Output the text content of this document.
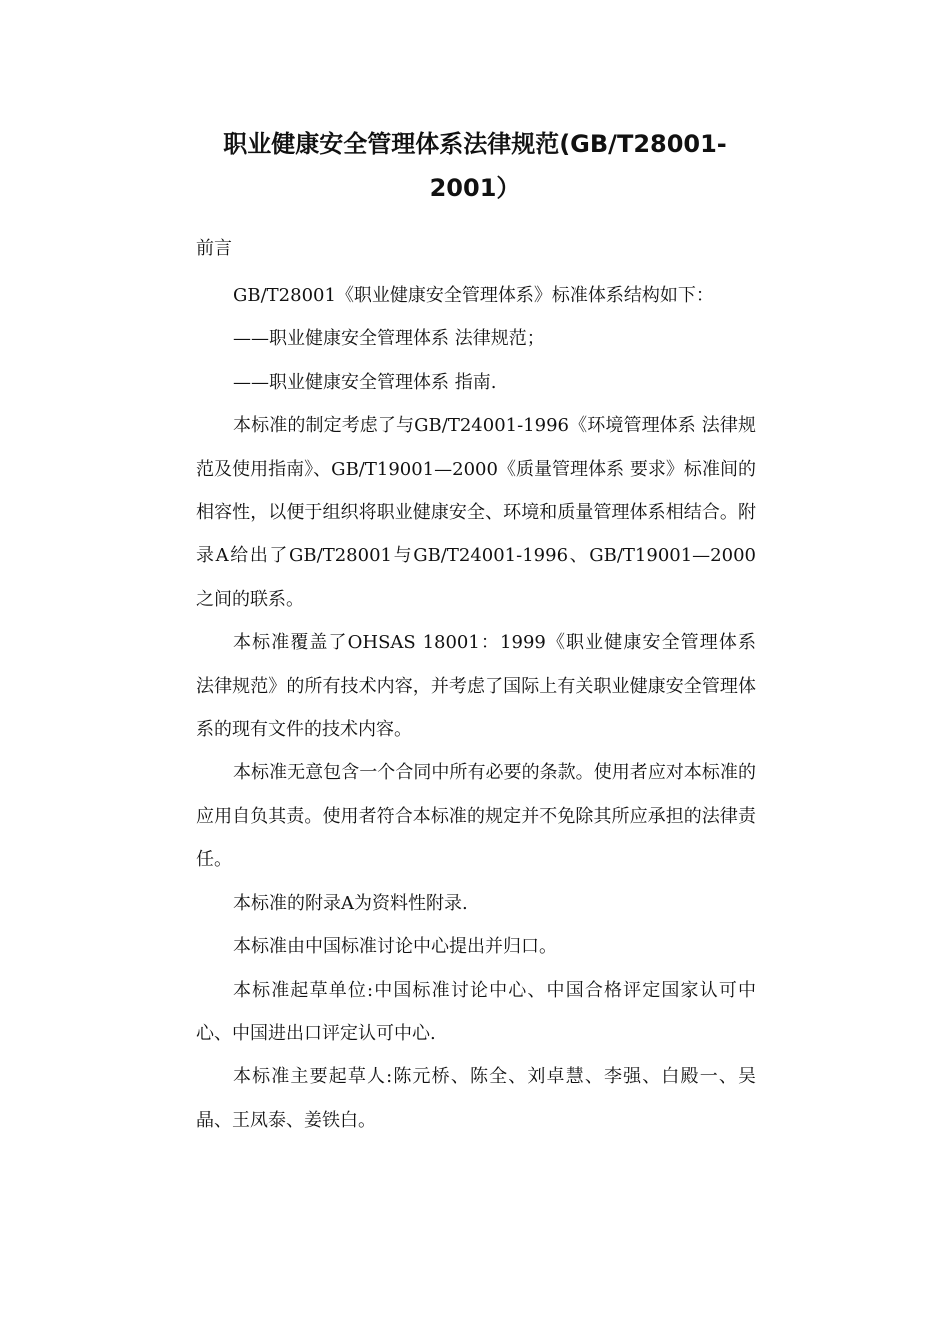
职业健康安全管理体系法律规范(GB/T28001-
2001）
前言

GB/T28001《职业健康安全管理体系》标准体系结构如下：

——职业健康安全管理体系 法律规范；

——职业健康安全管理体系 指南.

本标准的制定考虑了与GB/T24001-1996《环境管理体系 法律规范及使用指南》、GB/T19001—2000《质量管理体系 要求》标准间的相容性，以便于组织将职业健康安全、环境和质量管理体系相结合。附录A给出了GB/T28001与GB/T24001-1996、GB/T19001—2000之间的联系。

本标准覆盖了OHSAS 18001：1999《职业健康安全管理体系 法律规范》的所有技术内容，并考虑了国际上有关职业健康安全管理体系的现有文件的技术内容。

本标准无意包含一个合同中所有必要的条款。使用者应对本标准的应用自负其责。使用者符合本标准的规定并不免除其所应承担的法律责任。

本标准的附录A为资料性附录.

本标准由中国标准讨论中心提出并归口。

本标准起草单位:中国标准讨论中心、中国合格评定国家认可中心、中国进出口评定认可中心.

本标准主要起草人:陈元桥、陈全、刘卓慧、李强、白殿一、吴晶、王凤泰、姜铁白。
